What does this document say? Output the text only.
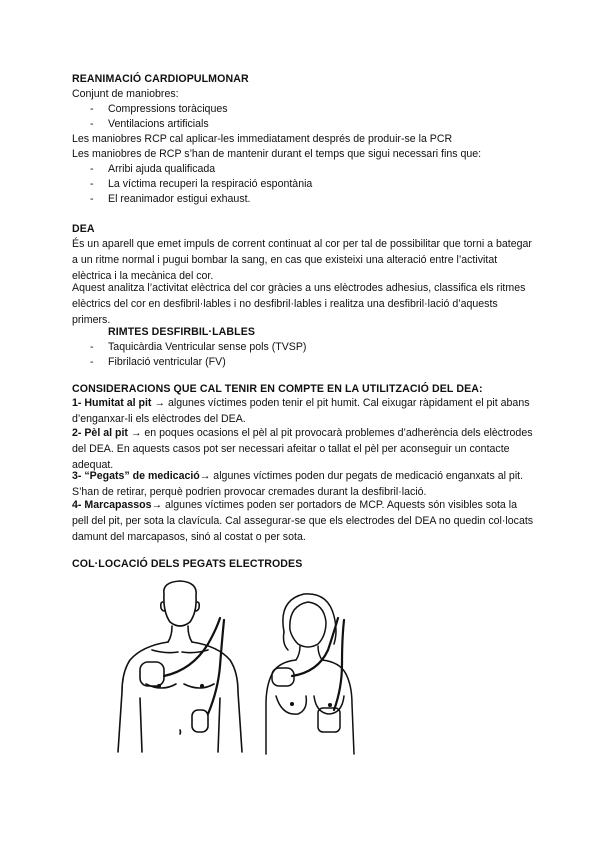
REANIMACIÓ CARDIOPULMONAR
Conjunt de maniobres:
- Compressions toràciques
- Ventilacions artificials
Les maniobres RCP cal aplicar-les immediatament després de produir-se la PCR
Les maniobres de RCP s’han de mantenir durant el temps que sigui necessari fins que:
- Arribi ajuda qualificada
- La víctima recuperi la respiració espontània
- El reanimador estigui exhaust.
DEA
És un aparell que emet impuls de corrent continuat al cor per tal de possibilitar que torni a bategar a un ritme normal i pugui bombar la sang, en cas que existeixi una alteració entre l’activitat elèctrica i la mecànica del cor.
Aquest analitza l’activitat elèctrica del cor gràcies a uns elèctrodes adhesius, classifica els ritmes elèctrics del cor en desfibril·lables i no desfibril·lables i realitza una desfibril·lació d’aquests primers.
RIMTES DESFIRBIL·LABLES
- Taquicàrdia Ventricular sense pols (TVSP)
- Fibrilació ventricular (FV)
CONSIDERACIONS QUE CAL TENIR EN COMPTE EN LA UTILITZACIÓ DEL DEA:
1- Humitat al pit → algunes víctimes poden tenir el pit humit. Cal eixugar ràpidament el pit abans d’enganxar-li els elèctrodes del DEA.
2- Pèl al pit → en poques ocasions el pèl al pit provocarà problemes d’adherència dels elèctrodes del DEA. En aquests casos pot ser necessari afeitar o tallat el pèl per aconseguir un contacte adequat.
3- “Pegats” de medicació→ algunes víctimes poden dur pegats de medicació enganxats al pit. S’han de retirar, perquè podrien provocar cremades durant la desfibril·lació.
4- Marcapassos→ algunes víctimes poden ser portadors de MCP. Aquests són visibles sota la pell del pit, per sota la clavícula. Cal assegurar-se que els electrodes del DEA no quedin col·locats damunt del marcapasos, sinó al costat o per sota.
COL·LOCACIÓ DELS PEGATS ELECTRODES
